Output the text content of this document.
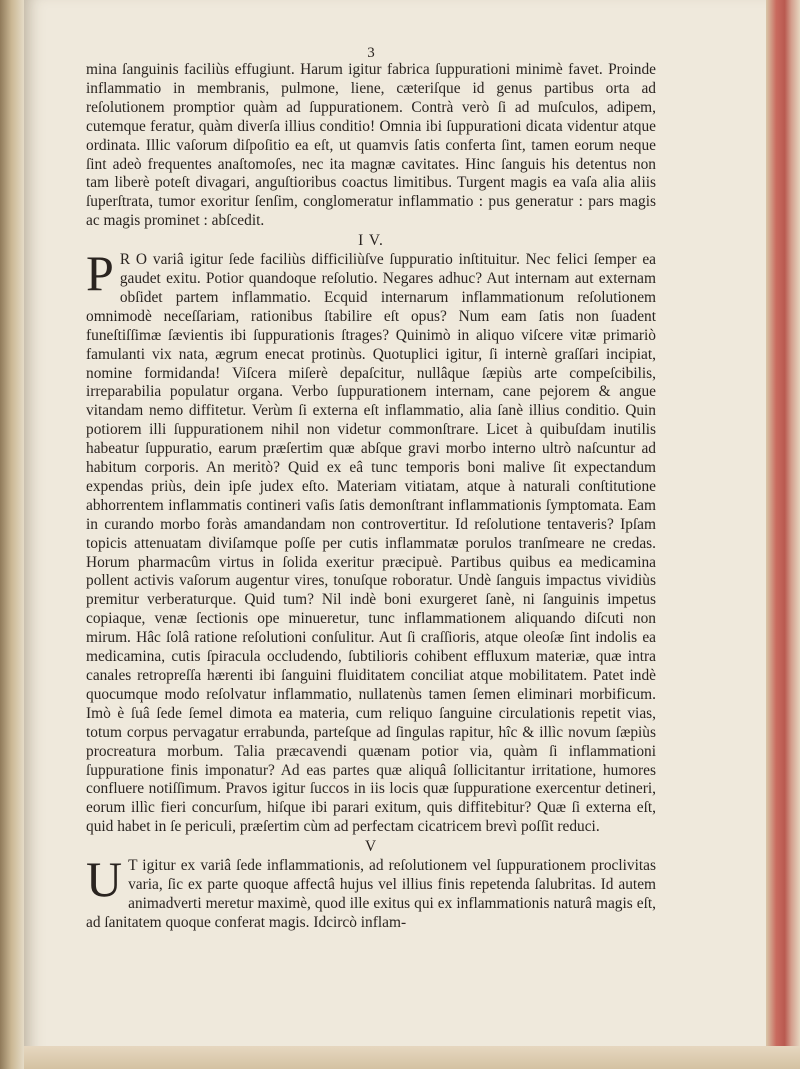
3

mina ſanguinis faciliùs effugiunt. Harum igitur fabrica ſuppurationi minimè favet. Proinde inflammatio in membranis, pulmone, liene, cæteriſque id genus partibus orta ad reſolutionem promptior quàm ad ſuppurationem. Contrà verò ſi ad muſculos, adipem, cutemque feratur, quàm diverſa illius conditio! Omnia ibi ſuppurationi dicata videntur atque ordinata. Illic vaſorum diſpoſitio ea eſt, ut quamvis ſatis conferta ſint, tamen eorum neque ſint adeò frequentes anaſtomoſes, nec ita magnæ cavitates. Hinc ſanguis his detentus non tam liberè poteſt divagari, anguſtioribus coactus limitibus. Turgent magis ea vaſa alia aliis ſuperſtrata, tumor exoritur ſenſim, conglomeratur inflammatio : pus generatur : pars magis ac magis prominet : abſcedit.

I V.

P R O variâ igitur ſede faciliùs difficiliùſve ſuppuratio inſtituitur. Nec felici ſemper ea gaudet exitu. Potior quandoque reſolutio. Negares adhuc? Aut internam aut externam obſidet partem inflammatio. Ecquid internarum inflammationum reſolutionem omnimodè neceſſariam, rationibus ſtabilire eſt opus? Num eam ſatis non ſuadent funeſtiſſimæ ſævientis ibi ſuppurationis ſtrages? Quinimò in aliquo viſcere vitæ primariò famulanti vix nata, ægrum enecat protinùs. Quotuplici igitur, ſi internè graſſari incipiat, nomine formidanda! Viſcera miſerè depaſcitur, nullâque ſæpiùs arte compeſcibilis, irreparabilia populatur organa. Verbo ſuppurationem internam, cane pejorem & angue vitandam nemo diffitetur. Verùm ſi externa eſt inflammatio, alia ſanè illius conditio. Quin potiorem illi ſuppurationem nihil non videtur commonſtrare. Licet à quibuſdam inutilis habeatur ſuppuratio, earum præſertim quæ abſque gravi morbo interno ultrò naſcuntur ad habitum corporis. An meritò? Quid ex eâ tunc temporis boni malive ſit expectandum expendas priùs, dein ipſe judex eſto. Materiam vitiatam, atque à naturali conſtitutione abhorrentem inflammatis contineri vaſis ſatis demonſtrant inflammationis ſymptomata. Eam in curando morbo foràs amandandam non controvertitur. Id reſolutione tentaveris? Ipſam topicis attenuatam diviſamque poſſe per cutis inflammatæ porulos tranſmeare ne credas. Horum pharmacûm virtus in ſolida exeritur præcipuè. Partibus quibus ea medicamina pollent activis vaſorum augentur vires, tonuſque roboratur. Undè ſanguis impactus vividiùs premitur verberaturque. Quid tum? Nil indè boni exurgeret ſanè, ni ſanguinis impetus copiaque, venæ ſectionis ope minueretur, tunc inflammationem aliquando diſcuti non mirum. Hâc ſolâ ratione reſolutioni conſulitur. Aut ſi craſſioris, atque oleoſæ ſint indolis ea medicamina, cutis ſpiracula occludendo, ſubtilioris cohibent effluxum materiæ, quæ intra canales retropreſſa hærenti ibi ſanguini fluiditatem conciliat atque mobilitatem. Patet indè quocumque modo reſolvatur inflammatio, nullatenùs tamen ſemen eliminari morbificum. Imò è ſuâ ſede ſemel dimota ea materia, cum reliquo ſanguine circulationis repetit vias, totum corpus pervagatur errabunda, parteſque ad ſingulas rapitur, hîc & illìc novum ſæpiùs procreatura morbum. Talia præcavendi quænam potior via, quàm ſi inflammationi ſuppurationе finis imponatur? Ad eas partes quæ aliquâ ſollicitantur irritatione, humores confluere notiſſimum. Pravos igitur ſuccos in iis locis quæ ſuppuratione exercentur detineri, eorum illìc fieri concurſum, hiſque ibi parari exitum, quis diffitebitur? Quæ ſi externa eſt, quid habet in ſe periculi, præſertim cùm ad perfectam cicatricem brevì poſſit reduci.

V

U T igitur ex variâ ſede inflammationis, ad reſolutionem vel ſuppurationem proclivitas varia, ſic ex parte quoque affectâ hujus vel illius finis repetenda ſalubritas. Id autem animadverti meretur maximè, quod ille exitus qui ex inflammationis naturâ magis eſt, ad ſanitatem quoque conferat magis. Idcircò inflam-
